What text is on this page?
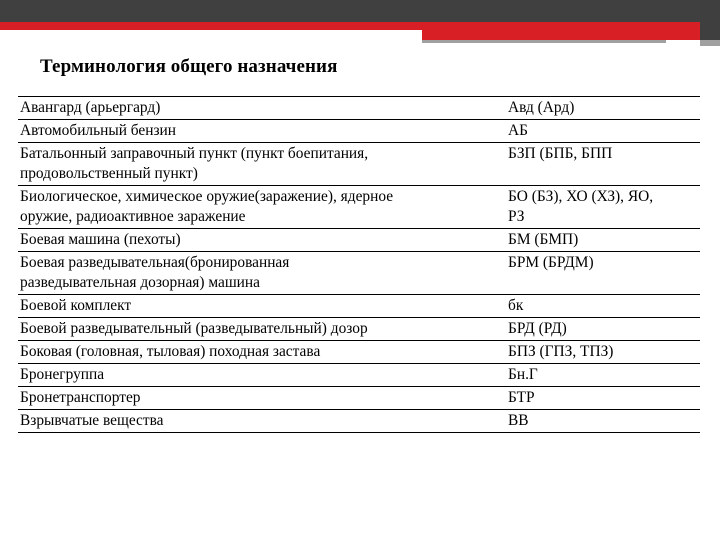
Терминология общего назначения
Авангард (арьергард)	Авд (Ард)
Автомобильный бензин	АБ

Батальонный заправочный пункт (пункт боепитания,
продовольственный пункт)	БЗП (БПБ, БПП

Биологическое, химическое оружие(заражение), ядерное
оружие, радиоактивное заражение	БО (БЗ), ХО (ХЗ), ЯО,
РЗ

Боевая машина (пехоты)	БМ (БМП)

Боевая разведывательная(бронированная
разведывательная дозорная) машина	БРМ (БРДМ)
Боевой комплект	бк
Боевой разведывательный (разведывательный) дозор	БРД (РД)
Боковая (головная, тыловая) походная застава	БПЗ (ГПЗ, ТПЗ)
Бронегруппа	Бн.Г
Бронетранспортер	БТР
Взрывчатые вещества	ВВ
